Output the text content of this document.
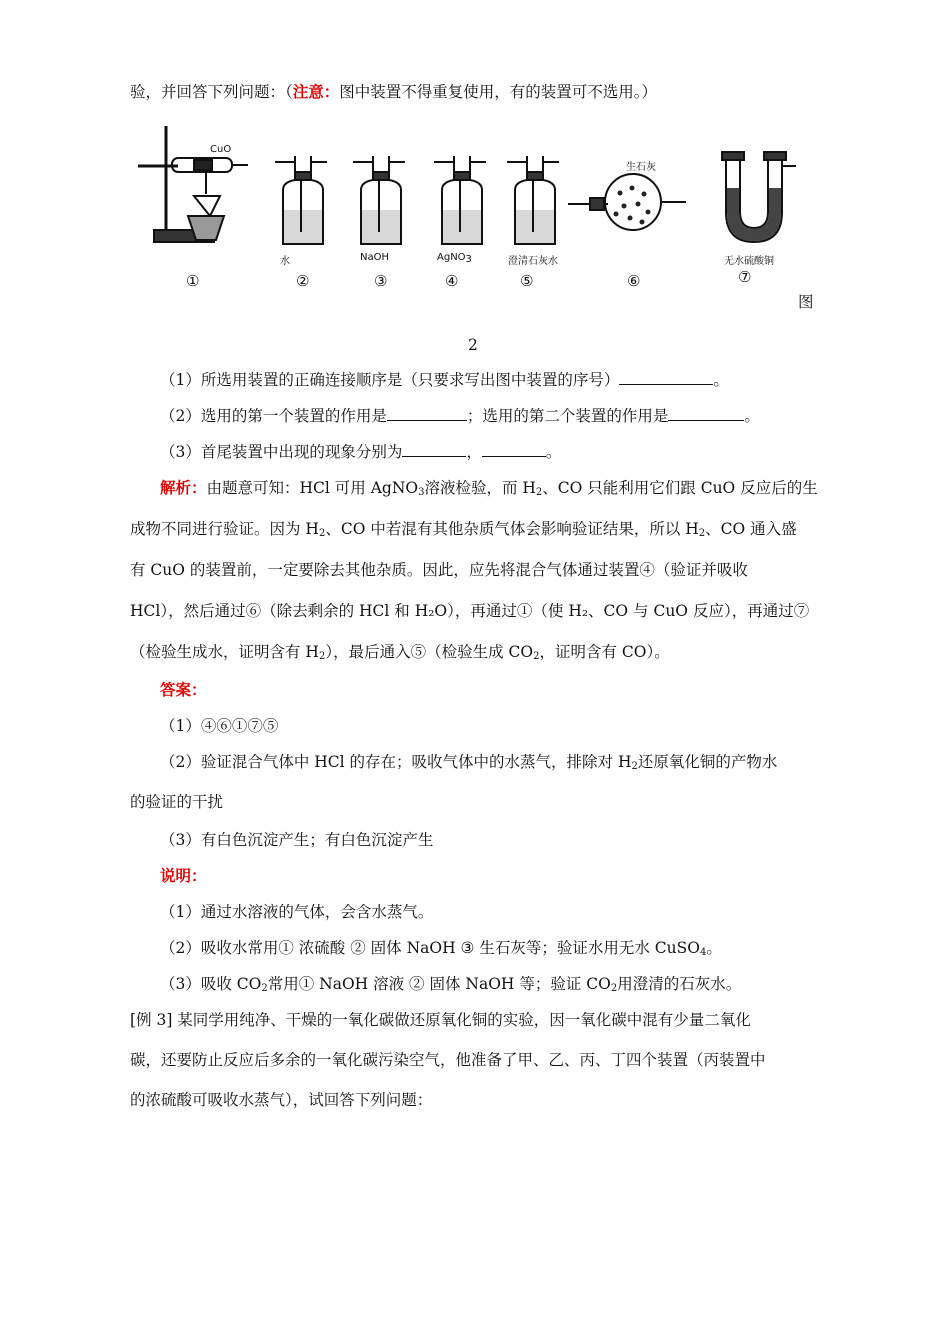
验，并回答下列问题：（注意：图中装置不得重复使用，有的装置可不选用。）
CuO
水	NaOH	AgNO$_3$	澄清石灰水
生石灰
无水硫酸铜
①	②	③	④	⑤	⑥	⑦
图
2
（1）所选用装置的正确连接顺序是（只要求写出图中装置的序号）	。
（2）选用的第一个装置的作用是	；选用的第二个装置的作用是	。
（3）首尾装置中出现的现象分别为	，	。
解析：由题意可知：HCl 可用 AgNO$_3$溶液检验，而 $H_2$、CO 只能利用它们跟 CuO 反应后的生
成物不同进行验证。因为 $H_2$、CO 中若混有其他杂质气体会影响验证结果，所以 $H_2$、CO 通入盛
有 CuO 的装置前，一定要除去其他杂质。因此，应先将混合气体通过装置④（验证并吸收
HCl），然后通过⑥（除去剩余的 HCl 和 H₂O），再通过①（使 H₂、CO 与 CuO 反应），再通过⑦
（检验生成水，证明含有 $H_2$），最后通入⑤（检验生成 $CO_2$，证明含有 CO）。
答案：
（1）④⑥①⑦⑤
（2）验证混合气体中 HCl 的存在；吸收气体中的水蒸气，排除对 $H_2$还原氧化铜的产物水
的验证的干扰
（3）有白色沉淀产生；有白色沉淀产生
说明：
（1）通过水溶液的气体，会含水蒸气。
（2）吸收水常用① 浓硫酸 ② 固体 NaOH ③ 生石灰等；验证水用无水 CuSO$_4$。
（3）吸收 $CO_2$常用① NaOH 溶液 ② 固体 NaOH 等；验证 $CO_2$用澄清的石灰水。
[例 3] 某同学用纯净、干燥的一氧化碳做还原氧化铜的实验，因一氧化碳中混有少量二氧化
碳，还要防止反应后多余的一氧化碳污染空气，他准备了甲、乙、丙、丁四个装置（丙装置中
的浓硫酸可吸收水蒸气），试回答下列问题：
